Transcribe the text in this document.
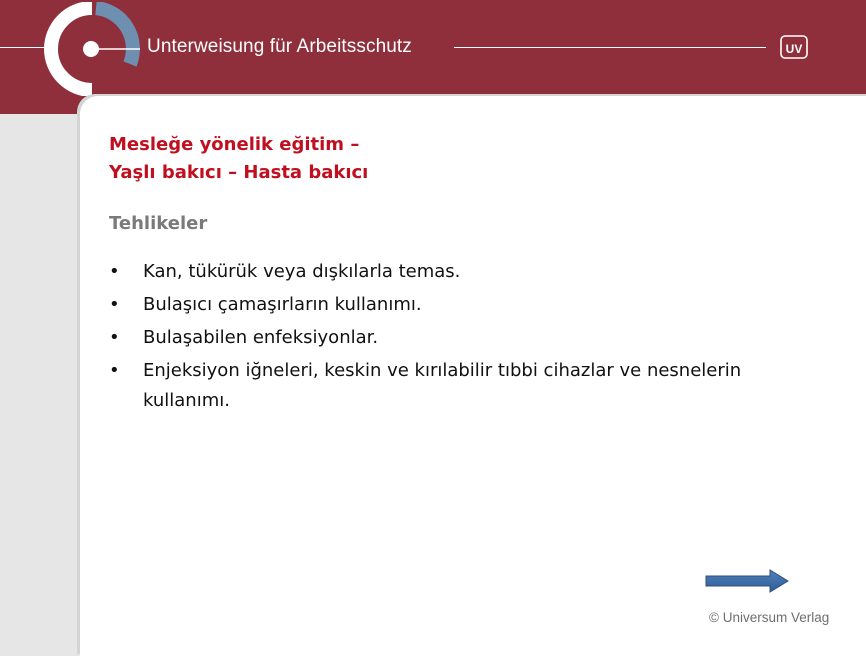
Unterweisung für Arbeitsschutz	UV
Mesleğe yönelik eğitim –
Yaşlı bakıcı – Hasta bakıcı
Tehlikeler
• Kan, tükürük veya dışkılarla temas.
• Bulaşıcı çamaşırların kullanımı.
• Bulaşabilen enfeksiyonlar.
• Enjeksiyon iğneleri, keskin ve kırılabilir tıbbi cihazlar ve nesnelerin kullanımı.
© Universum Verlag
